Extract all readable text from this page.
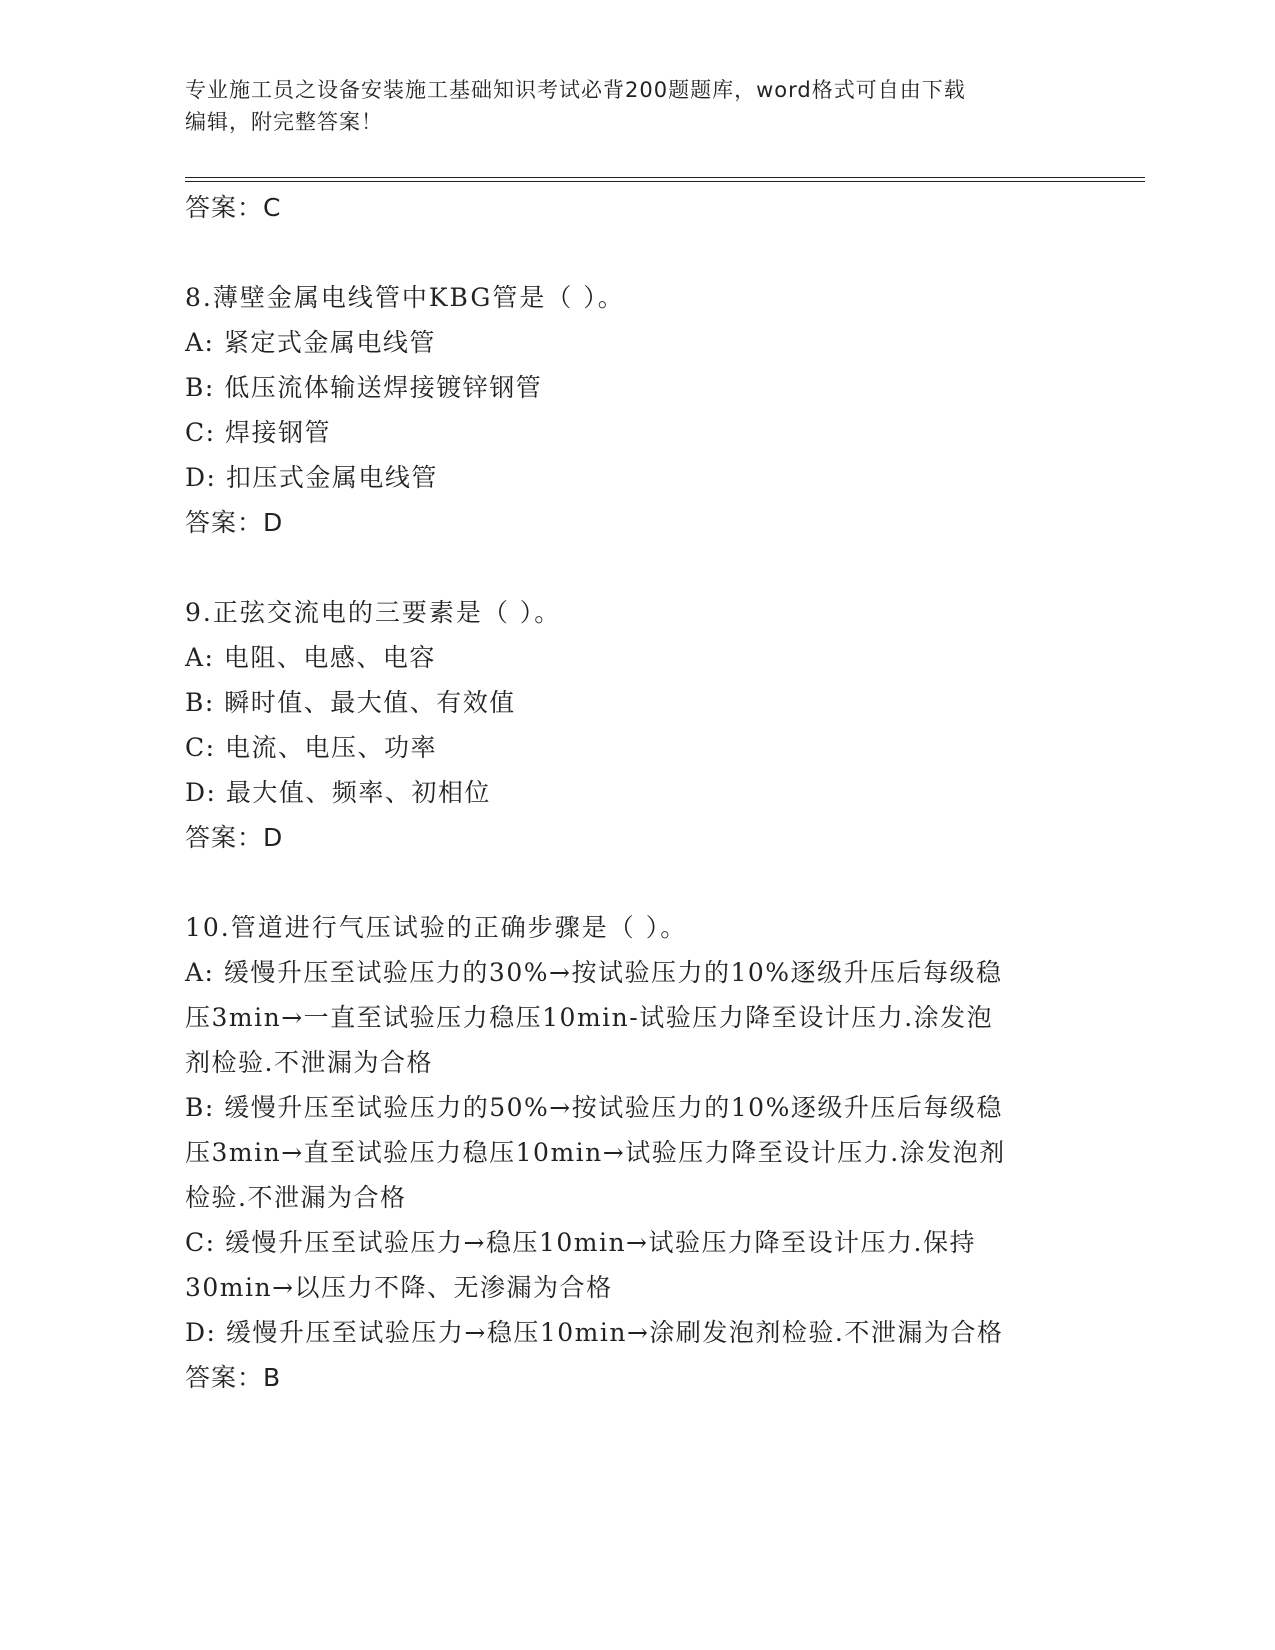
专业施工员之设备安装施工基础知识考试必背200题题库，word格式可自由下载
编辑，附完整答案！
答案：C
8.薄壁金属电线管中KBG管是（ ）。
A: 紧定式金属电线管
B: 低压流体输送焊接镀锌钢管
C: 焊接钢管
D: 扣压式金属电线管
答案：D
9.正弦交流电的三要素是（ ）。
A: 电阻、电感、电容
B: 瞬时值、最大值、有效值
C: 电流、电压、功率
D: 最大值、频率、初相位
答案：D
10.管道进行气压试验的正确步骤是（ ）。
A: 缓慢升压至试验压力的30%→按试验压力的10%逐级升压后每级稳
压3min→一直至试验压力稳压10min-试验压力降至设计压力.涂发泡
剂检验.不泄漏为合格
B: 缓慢升压至试验压力的50%→按试验压力的10%逐级升压后每级稳
压3min→直至试验压力稳压10min→试验压力降至设计压力.涂发泡剂
检验.不泄漏为合格
C: 缓慢升压至试验压力→稳压10min→试验压力降至设计压力.保持
30min→以压力不降、无渗漏为合格
D: 缓慢升压至试验压力→稳压10min→涂刷发泡剂检验.不泄漏为合格
答案：B
